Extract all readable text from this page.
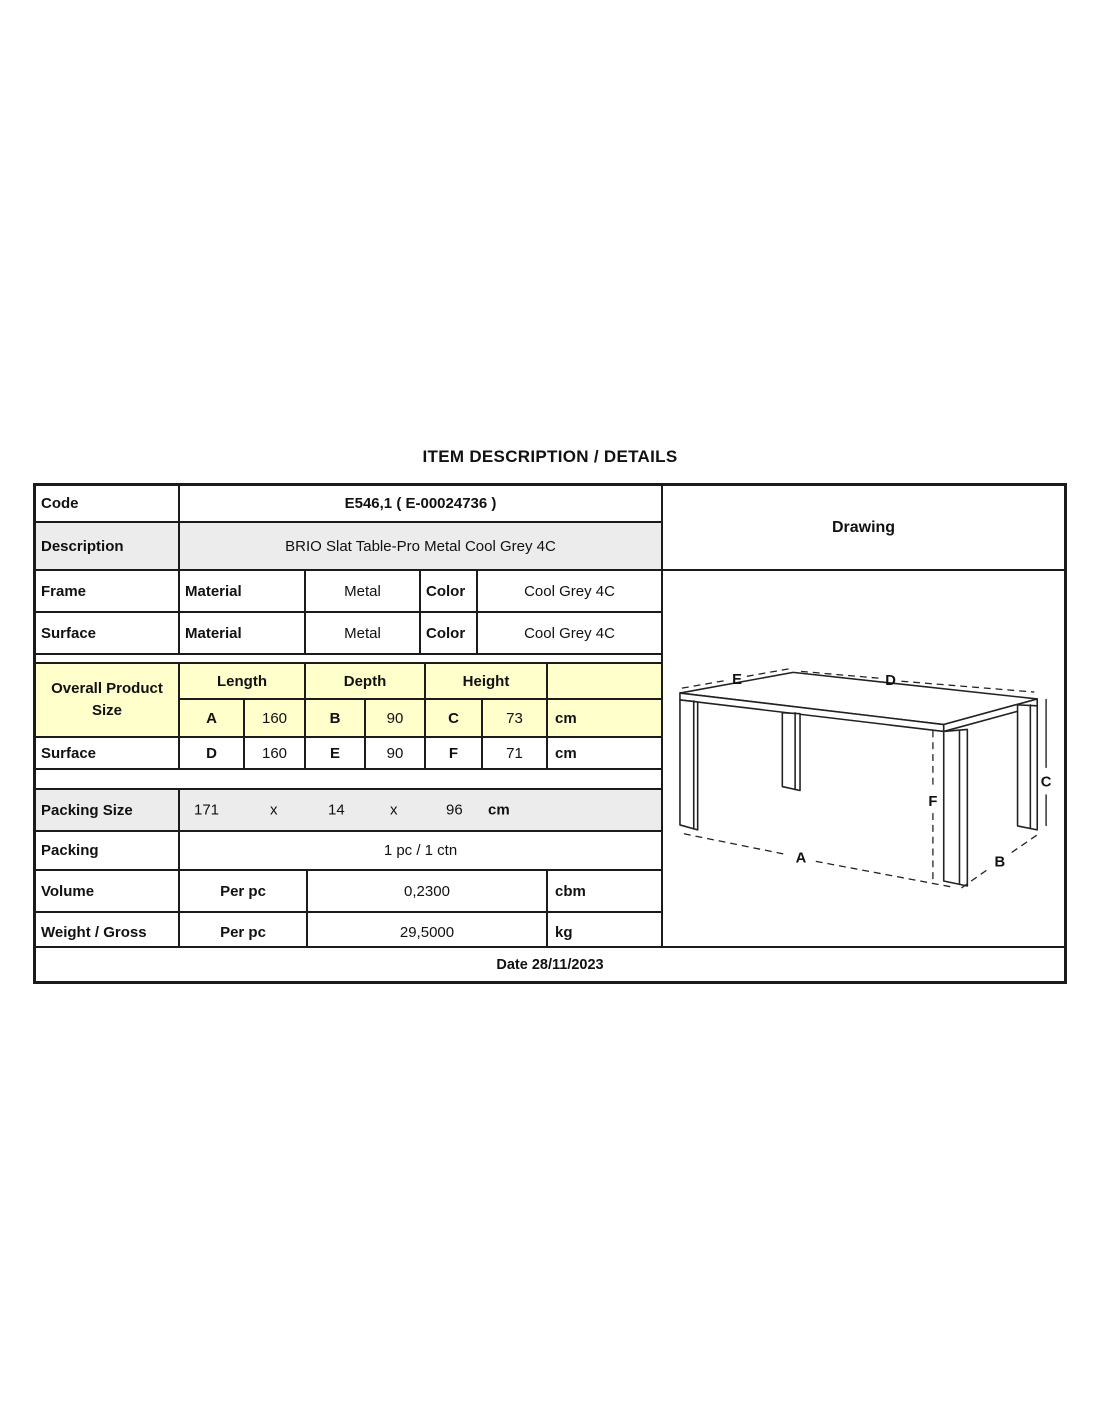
ITEM DESCRIPTION / DETAILS
Code	E546,1 ( E-00024736 )
Description	BRIO Slat Table-Pro Metal Cool Grey 4C
Frame	Material	Metal	Color	Cool Grey 4C
Surface	Material	Metal	Color	Cool Grey 4C
Overall Product Size
Length	Depth	Height
A	160	B	90	C	73	cm
Surface	D	160	E	90	F	71	cm
Packing Size	171	x	14	x	96 cm
Packing	1 pc / 1 ctn
Volume	Per pc	0,2300	cbm
Weight / Gross	Per pc	29,5000	kg
Drawing
E	D
A	B
F
C
Date 28/11/2023
